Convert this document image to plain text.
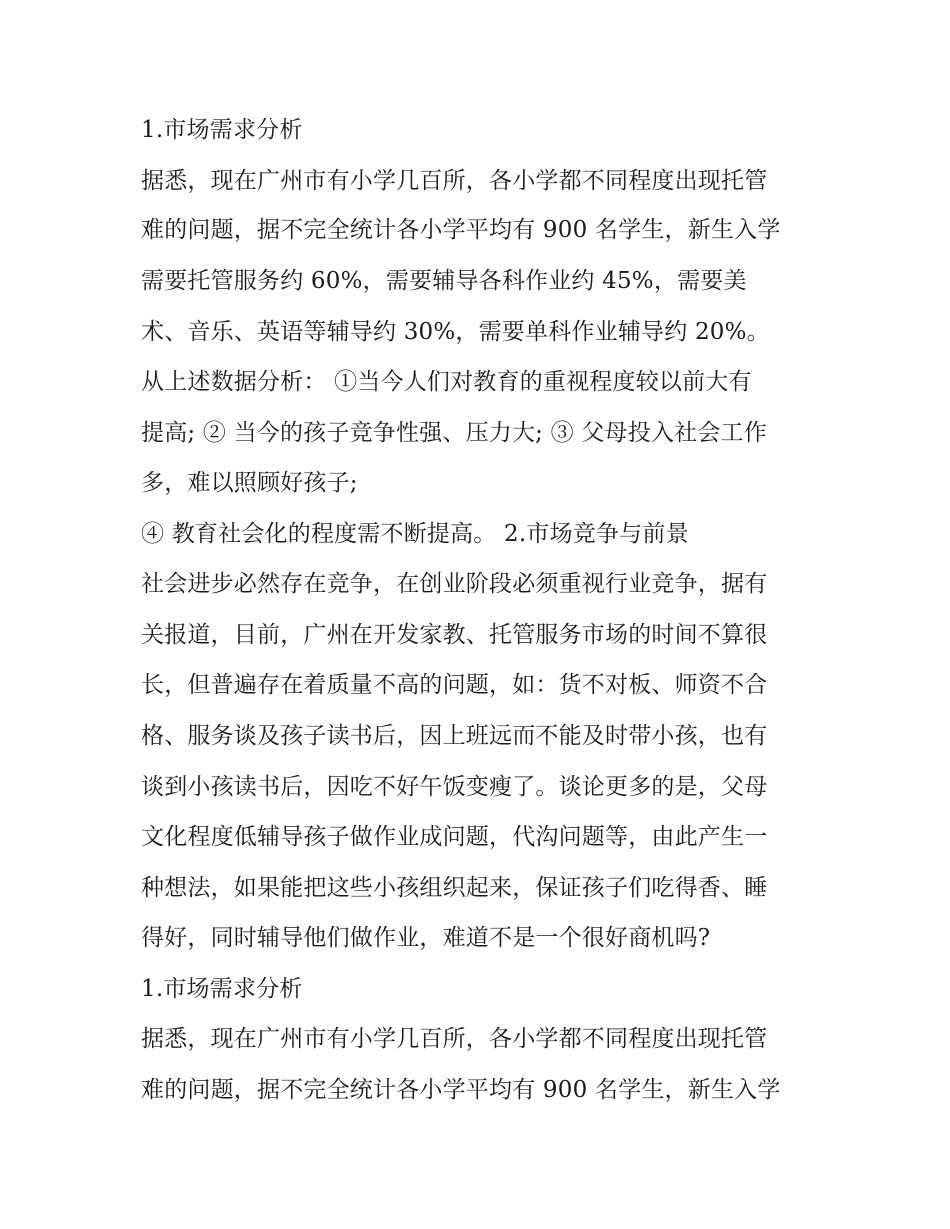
1.市场需求分析
据悉，现在广州市有小学几百所，各小学都不同程度出现托管
难的问题，据不完全统计各小学平均有 900 名学生，新生入学
需要托管服务约 60%，需要辅导各科作业约 45%，需要美
术、音乐、英语等辅导约 30%，需要单科作业辅导约 20%。
从上述数据分析： ①当今人们对教育的重视程度较以前大有
提高; ② 当今的孩子竞争性强、压力大; ③ 父母投入社会工作
多，难以照顾好孩子;
④ 教育社会化的程度需不断提高。 2.市场竞争与前景
社会进步必然存在竞争，在创业阶段必须重视行业竞争，据有
关报道，目前，广州在开发家教、托管服务市场的时间不算很
长，但普遍存在着质量不高的问题，如：货不对板、师资不合
格、服务谈及孩子读书后，因上班远而不能及时带小孩，也有
谈到小孩读书后，因吃不好午饭变瘦了。谈论更多的是，父母
文化程度低辅导孩子做作业成问题，代沟问题等，由此产生一
种想法，如果能把这些小孩组织起来，保证孩子们吃得香、睡
得好，同时辅导他们做作业，难道不是一个很好商机吗?
1.市场需求分析
据悉，现在广州市有小学几百所，各小学都不同程度出现托管
难的问题，据不完全统计各小学平均有 900 名学生，新生入学
